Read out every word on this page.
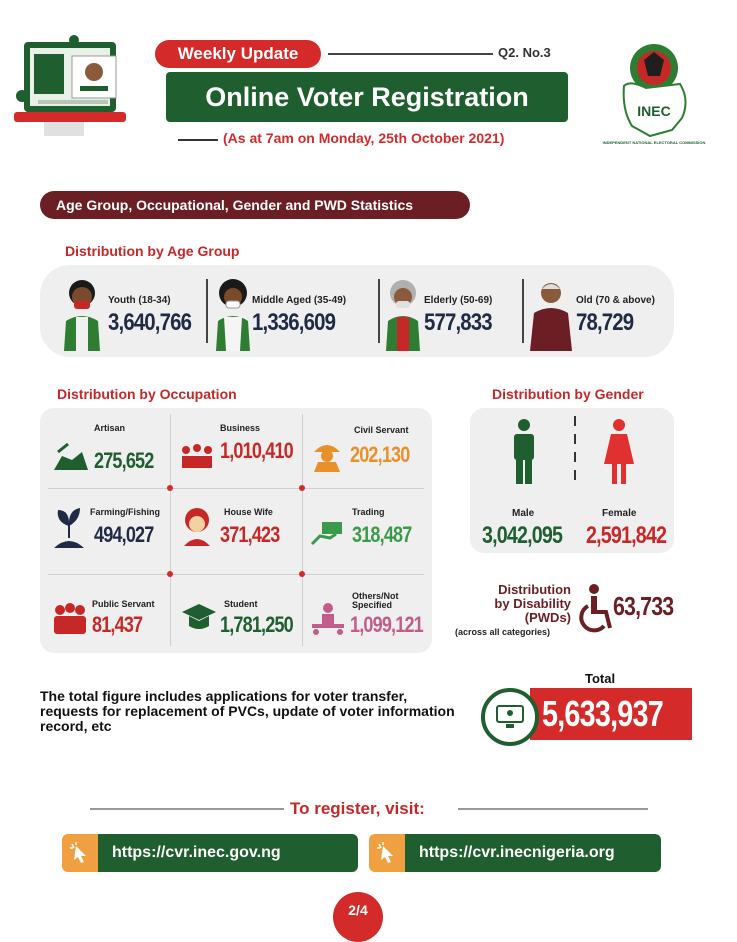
Weekly Update	Q2. No.3
Online Voter Registration
(As at 7am on Monday, 25th October 2021)
INEC
INDEPENDENT NATIONAL ELECTORAL COMMISSION
Age Group, Occupational, Gender and PWD Statistics
Distribution by Age Group
Youth (18-34)
3,640,766
Middle Aged (35-49)
1,336,609
Elderly (50-69)
577,833
Old (70 & above)
78,729
Distribution by Occupation
Artisan
275,652
Business
1,010,410
Civil Servant
202,130
Farming/Fishing
494,027
House Wife
371,423
Trading
318,487
Public Servant
81,437
Student
1,781,250
Others/Not
Specified
1,099,121
Distribution by Gender
Male
3,042,095
Female
2,591,842
Distribution
by Disability
(PWDs)
(across all categories)
63,733
The total figure includes applications for voter transfer, requests for replacement of PVCs, update of voter information record, etc
Total
5,633,937
To register, visit:
https://cvr.inec.gov.ng	https://cvr.inecnigeria.org
2/4
